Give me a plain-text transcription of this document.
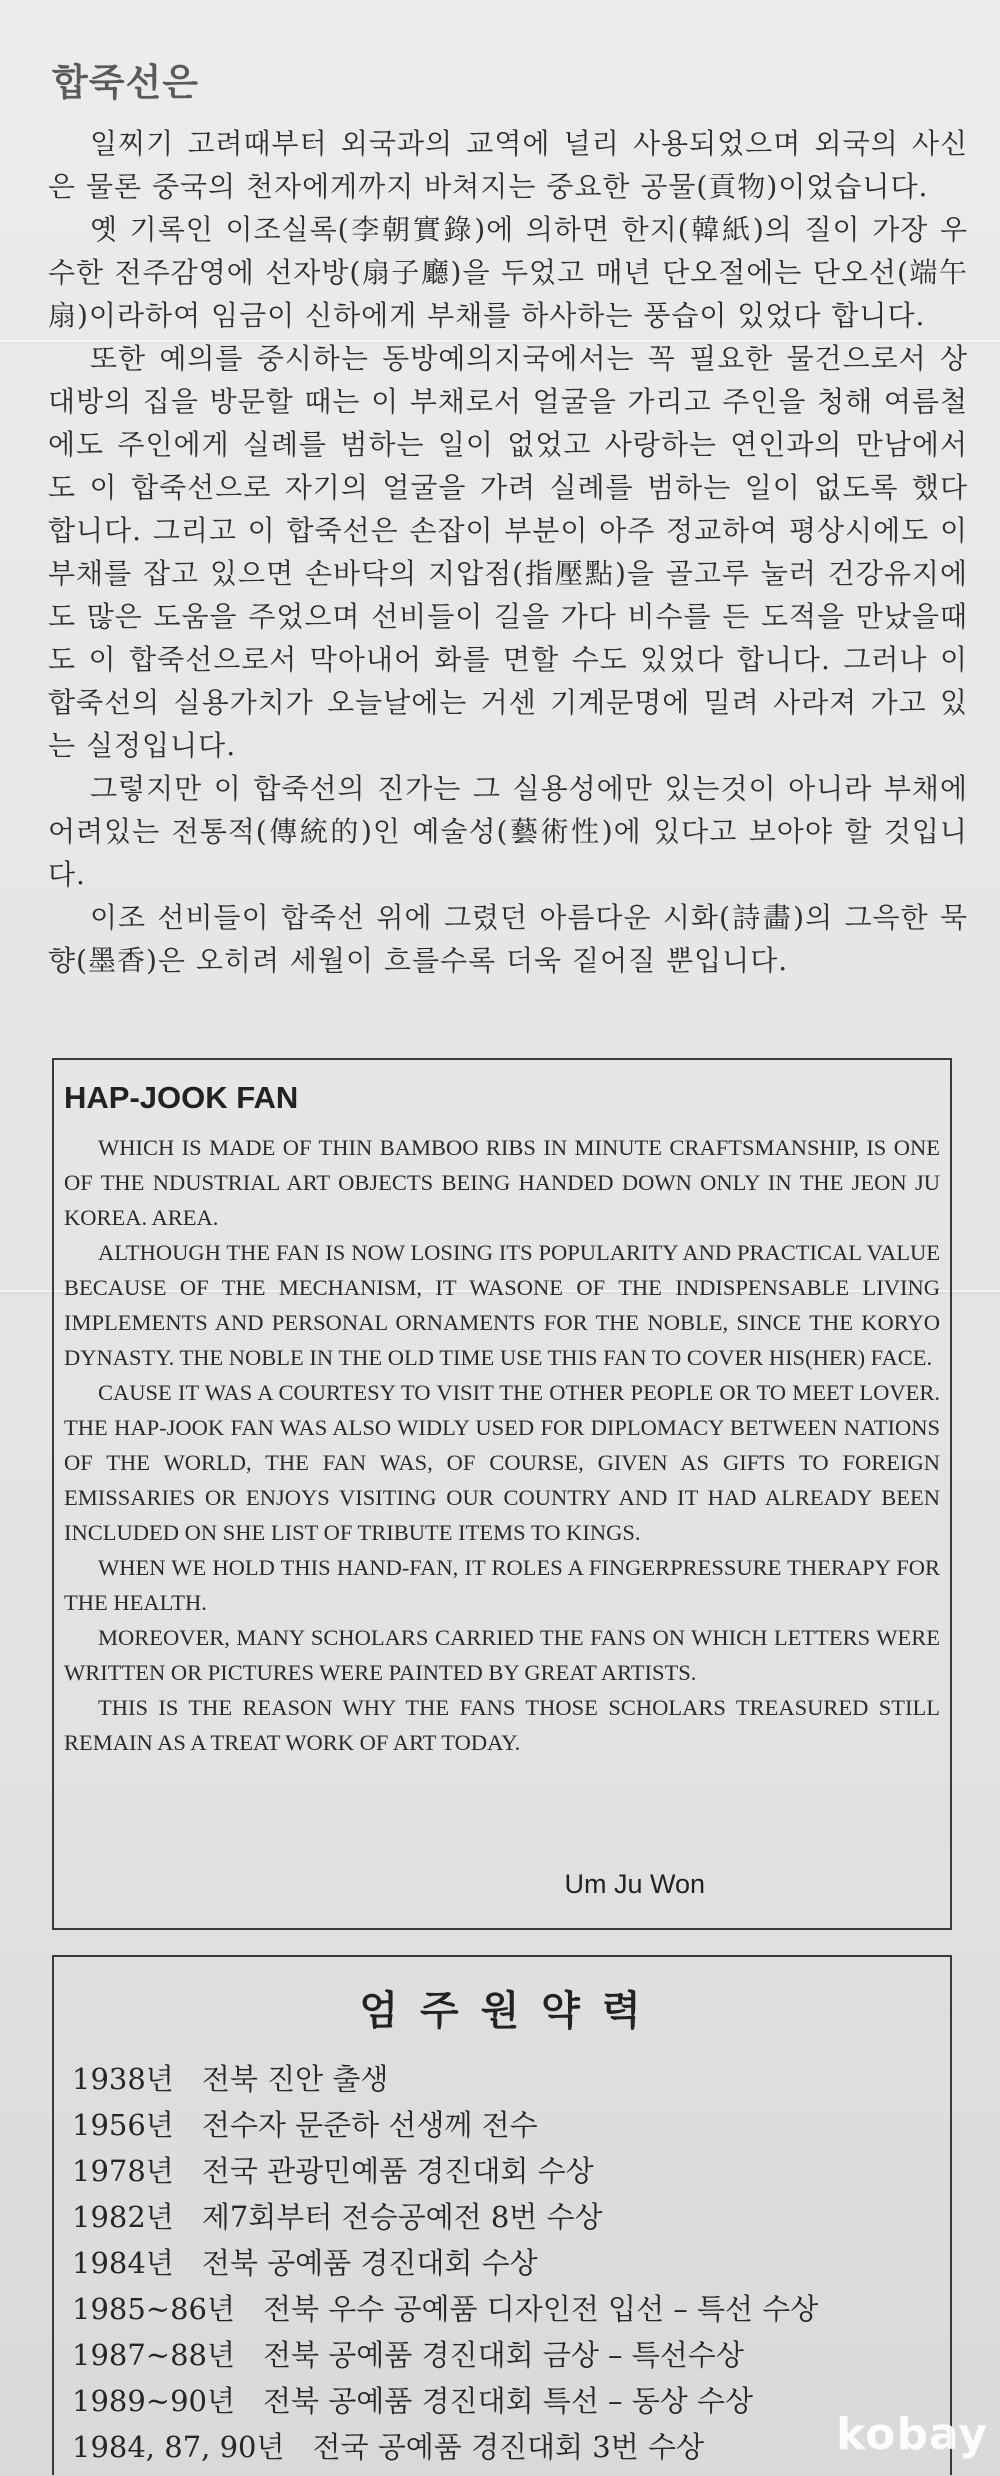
합죽선은

일찌기 고려때부터 외국과의 교역에 널리 사용되었으며 외국의 사신은 물론 중국의 천자에게까지 바쳐지는 중요한 공물(貢物)이었습니다.

옛 기록인 이조실록(李朝實錄)에 의하면 한지(韓紙)의 질이 가장 우수한 전주감영에 선자방(扇子廳)을 두었고 매년 단오절에는 단오선(端午扇)이라하여 임금이 신하에게 부채를 하사하는 풍습이 있었다 합니다.

또한 예의를 중시하는 동방예의지국에서는 꼭 필요한 물건으로서 상대방의 집을 방문할 때는 이 부채로서 얼굴을 가리고 주인을 청해 여름철에도 주인에게 실례를 범하는 일이 없었고 사랑하는 연인과의 만남에서도 이 합죽선으로 자기의 얼굴을 가려 실례를 범하는 일이 없도록 했다 합니다. 그리고 이 합죽선은 손잡이 부분이 아주 정교하여 평상시에도 이 부채를 잡고 있으면 손바닥의 지압점(指壓點)을 골고루 눌러 건강유지에도 많은 도움을 주었으며 선비들이 길을 가다 비수를 든 도적을 만났을때도 이 합죽선으로서 막아내어 화를 면할 수도 있었다 합니다. 그러나 이 합죽선의 실용가치가 오늘날에는 거센 기계문명에 밀려 사라져 가고 있는 실정입니다.

그렇지만 이 합죽선의 진가는 그 실용성에만 있는것이 아니라 부채에 어려있는 전통적(傳統的)인 예술성(藝術性)에 있다고 보아야 할 것입니다.

이조 선비들이 합죽선 위에 그렸던 아름다운 시화(詩畵)의 그윽한 묵향(墨香)은 오히려 세월이 흐를수록 더욱 짙어질 뿐입니다.

HAP-JOOK FAN

WHICH IS MADE OF THIN BAMBOO RIBS IN MINUTE CRAFTSMANSHIP, IS ONE OF THE NDUSTRIAL ART OBJECTS BEING HANDED DOWN ONLY IN THE JEON JU KOREA. AREA.

ALTHOUGH THE FAN IS NOW LOSING ITS POPULARITY AND PRACTICAL VALUE BECAUSE OF THE MECHANISM, IT WASONE OF THE INDISPENSABLE LIVING IMPLEMENTS AND PERSONAL ORNAMENTS FOR THE NOBLE, SINCE THE KORYO DYNASTY. THE NOBLE IN THE OLD TIME USE THIS FAN TO COVER HIS(HER) FACE.

CAUSE IT WAS A COURTESY TO VISIT THE OTHER PEOPLE OR TO MEET LOVER. THE HAP-JOOK FAN WAS ALSO WIDLY USED FOR DIPLOMACY BETWEEN NATIONS OF THE WORLD, THE FAN WAS, OF COURSE, GIVEN AS GIFTS TO FOREIGN EMISSARIES OR ENJOYS VISITING OUR COUNTRY AND IT HAD ALREADY BEEN INCLUDED ON SHE LIST OF TRIBUTE ITEMS TO KINGS.

WHEN WE HOLD THIS HAND-FAN, IT ROLES A FINGERPRESSURE THERAPY FOR THE HEALTH.

MOREOVER, MANY SCHOLARS CARRIED THE FANS ON WHICH LETTERS WERE WRITTEN OR PICTURES WERE PAINTED BY GREAT ARTISTS.

THIS IS THE REASON WHY THE FANS THOSE SCHOLARS TREASURED STILL REMAIN AS A TREAT WORK OF ART TODAY.

Um Ju Won
엄주원약력
1938년 전북 진안 출생
1956년 전수자 문준하 선생께 전수
1978년 전국 관광민예품 경진대회 수상
1982년 제7회부터 전승공예전 8번 수상
1984년 전북 공예품 경진대회 수상
1985~86년 전북 우수 공예품 디자인전 입선 – 특선 수상
1987~88년 전북 공예품 경진대회 금상 – 특선수상
1989~90년 전북 공예품 경진대회 특선 – 동상 수상
1984, 87, 90년 전국 공예품 경진대회 3번 수상	kobay
